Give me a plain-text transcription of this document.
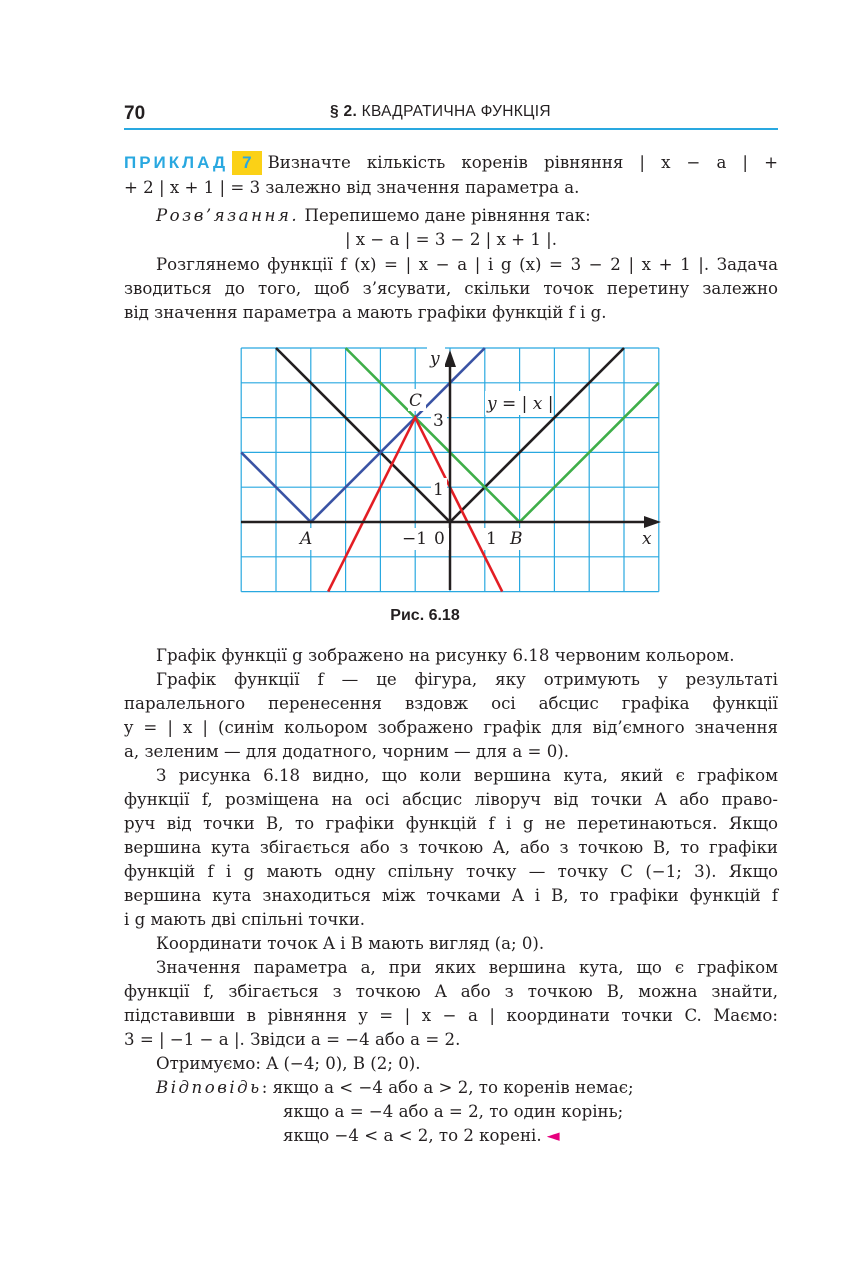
70	§ 2. КВАДРАТИЧНА ФУНКЦІЯ
ПРИКЛАД 7 Визначте кількість коренів рівняння | x − a | +
+ 2 | x + 1 | = 3 залежно від значення параметра a.
Розв’язання. Перепишемо дане рівняння так:
| x − a | = 3 − 2 | x + 1 |.
Розглянемо функції f (x) = | x − a | і g (x) = 3 − 2 | x + 1 |. Задача
зводиться до того, щоб з’ясувати, скільки точок перетину залежно
від значення параметра a мають графіки функцій f і g.
y
C
3
1
y = | x |
A	−1 0 1 B	x
Рис. 6.18
Графік функції g зображено на рисунку 6.18 червоним кольором.
Графік функції f — це фігура, яку отримують у результаті
паралельного перенесення вздовж осі абсцис графіка функції
y = | x | (синім кольором зображено графік для від’ємного значення
a, зеленим — для додатного, чорним — для a = 0).
З рисунка 6.18 видно, що коли вершина кута, який є графіком
функції f, розміщена на осі абсцис ліворуч від точки A або право-
руч від точки B, то графіки функцій f і g не перетинаються. Якщо
вершина кута збігається або з точкою A, або з точкою B, то графіки
функцій f і g мають одну спільну точку — точку C (−1; 3). Якщо
вершина кута знаходиться між точками A і B, то графіки функцій f
і g мають дві спільні точки.
Координати точок A і B мають вигляд (a; 0).
Значення параметра a, при яких вершина кута, що є графіком
функції f, збігається з точкою A або з точкою B, можна знайти,
підставивши в рівняння y = | x − a | координати точки C. Маємо:
3 = | −1 − a |. Звідси a = −4 або a = 2.
Отримуємо: A (−4; 0), B (2; 0).
Відповідь: якщо a < −4 або a > 2, то коренів немає;
якщо a = −4 або a = 2, то один корінь;
якщо −4 < a < 2, то 2 корені. ◄
